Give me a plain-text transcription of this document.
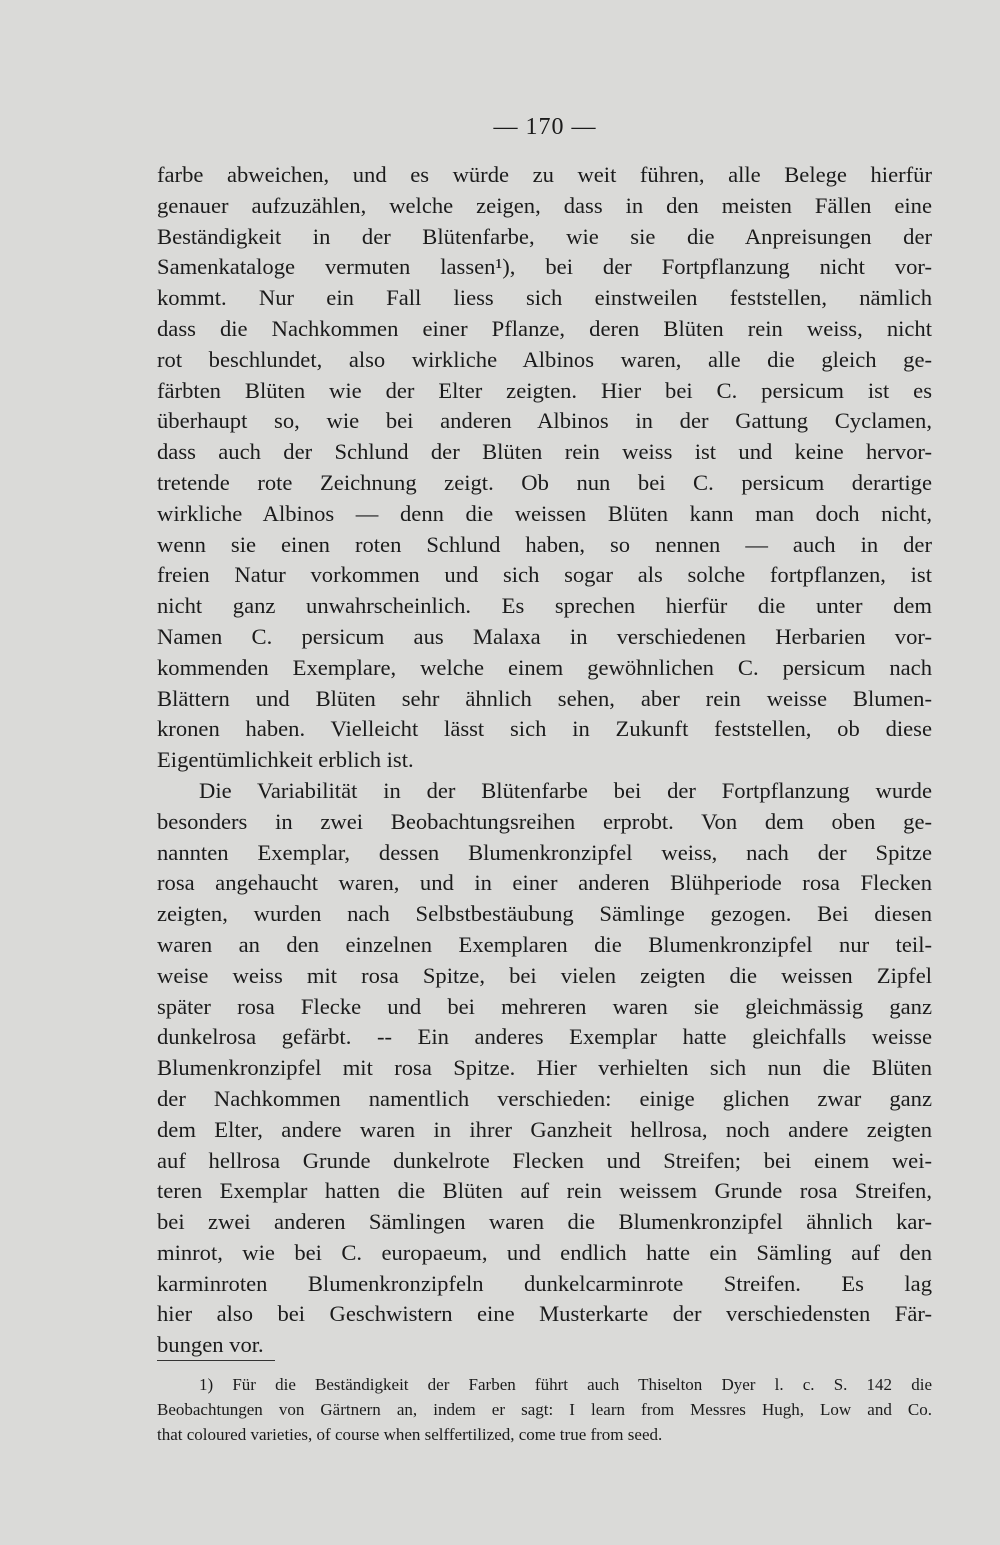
— 170 —
farbe abweichen, und es würde zu weit führen, alle Belege hierfür
genauer aufzuzählen, welche zeigen, dass in den meisten Fällen eine
Beständigkeit in der Blütenfarbe, wie sie die Anpreisungen der
Samenkataloge vermuten lassen¹), bei der Fortpflanzung nicht vor-
kommt. Nur ein Fall liess sich einstweilen feststellen, nämlich
dass die Nachkommen einer Pflanze, deren Blüten rein weiss, nicht
rot beschlundet, also wirkliche Albinos waren, alle die gleich ge-
färbten Blüten wie der Elter zeigten. Hier bei C. persicum ist es
überhaupt so, wie bei anderen Albinos in der Gattung Cyclamen,
dass auch der Schlund der Blüten rein weiss ist und keine hervor-
tretende rote Zeichnung zeigt. Ob nun bei C. persicum derartige
wirkliche Albinos — denn die weissen Blüten kann man doch nicht,
wenn sie einen roten Schlund haben, so nennen — auch in der
freien Natur vorkommen und sich sogar als solche fortpflanzen, ist
nicht ganz unwahrscheinlich. Es sprechen hierfür die unter dem
Namen C. persicum aus Malaxa in verschiedenen Herbarien vor-
kommenden Exemplare, welche einem gewöhnlichen C. persicum nach
Blättern und Blüten sehr ähnlich sehen, aber rein weisse Blumen-
kronen haben. Vielleicht lässt sich in Zukunft feststellen, ob diese
Eigentümlichkeit erblich ist.
Die Variabilität in der Blütenfarbe bei der Fortpflanzung wurde
besonders in zwei Beobachtungsreihen erprobt. Von dem oben ge-
nannten Exemplar, dessen Blumenkronzipfel weiss, nach der Spitze
rosa angehaucht waren, und in einer anderen Blühperiode rosa Flecken
zeigten, wurden nach Selbstbestäubung Sämlinge gezogen. Bei diesen
waren an den einzelnen Exemplaren die Blumenkronzipfel nur teil-
weise weiss mit rosa Spitze, bei vielen zeigten die weissen Zipfel
später rosa Flecke und bei mehreren waren sie gleichmässig ganz
dunkelrosa gefärbt. -- Ein anderes Exemplar hatte gleichfalls weisse
Blumenkronzipfel mit rosa Spitze. Hier verhielten sich nun die Blüten
der Nachkommen namentlich verschieden: einige glichen zwar ganz
dem Elter, andere waren in ihrer Ganzheit hellrosa, noch andere zeigten
auf hellrosa Grunde dunkelrote Flecken und Streifen; bei einem wei-
teren Exemplar hatten die Blüten auf rein weissem Grunde rosa Streifen,
bei zwei anderen Sämlingen waren die Blumenkronzipfel ähnlich kar-
minrot, wie bei C. europaeum, und endlich hatte ein Sämling auf den
karminroten Blumenkronzipfeln dunkelcarminrote Streifen. Es lag
hier also bei Geschwistern eine Musterkarte der verschiedensten Fär-
bungen vor.
1) Für die Beständigkeit der Farben führt auch Thiselton Dyer l. c. S. 142 die
Beobachtungen von Gärtnern an, indem er sagt: I learn from Messres Hugh, Low and Co.
that coloured varieties, of course when selffertilized, come true from seed.
